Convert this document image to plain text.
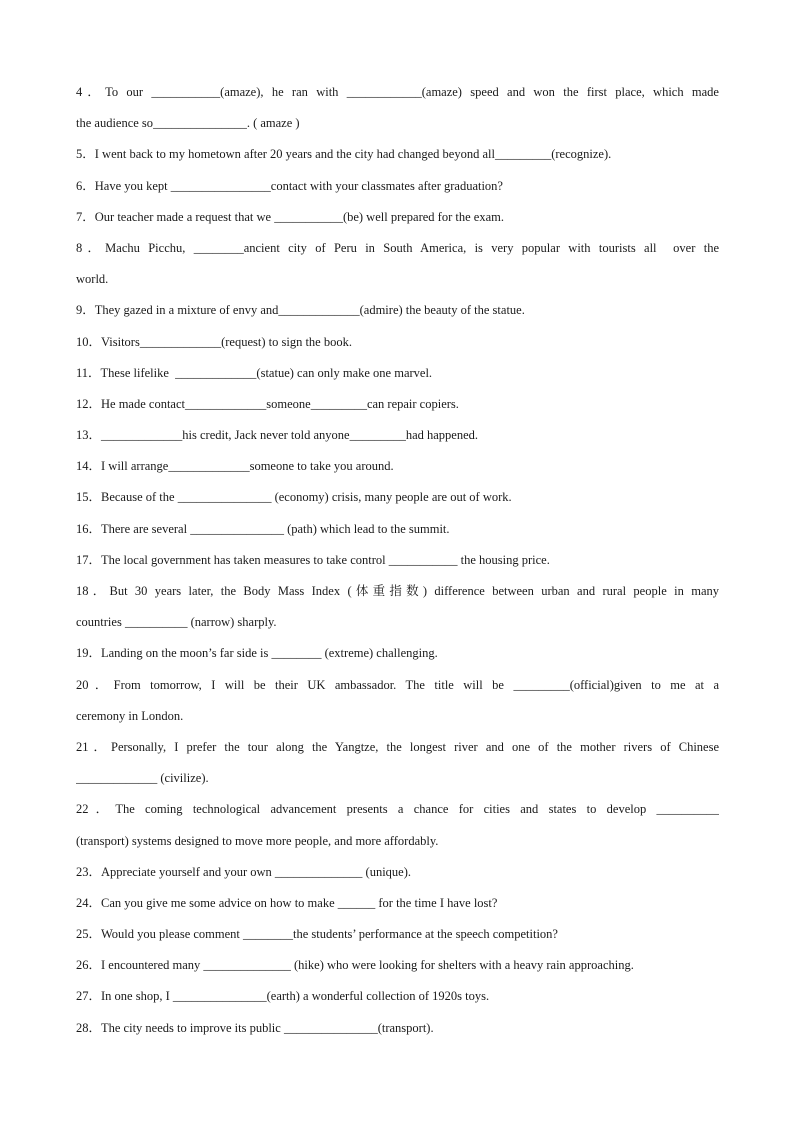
4．To our ___________(amaze), he ran with ____________(amaze) speed and won the first place, which made
the audience so_______________. ( amaze )
5．I went back to my hometown after 20 years and the city had changed beyond all_________(recognize).
6．Have you kept ________________contact with your classmates after graduation?
7．Our teacher made a request that we ___________(be) well prepared for the exam.
8．Machu Picchu, ________ancient city of Peru in South America, is very popular with tourists all  over the
world.
9．They gazed in a mixture of envy and_____________(admire) the beauty of the statue.
10．Visitors_____________(request) to sign the book.
11．These lifelike  _____________(statue) can only make one marvel.
12．He made contact_____________someone_________can repair copiers.
13．_____________his credit, Jack never told anyone_________had happened.
14．I will arrange_____________someone to take you around.
15．Because of the _______________ (economy) crisis, many people are out of work.
16．There are several _______________ (path) which lead to the summit.
17．The local government has taken measures to take control ___________ the housing price.
18．But 30 years later, the Body Mass Index (体重指数) difference between urban and rural people in many
countries __________ (narrow) sharply.
19．Landing on the moon’s far side is ________ (extreme) challenging.
20．From tomorrow, I will be their UK ambassador. The title will be _________(official)given to me at a
ceremony in London.
21．Personally, I prefer the tour along the Yangtze, the longest river and one of the mother rivers of Chinese
_____________ (civilize).
22．The coming technological advancement presents a chance for cities and states to develop __________
(transport) systems designed to move more people, and more affordably.
23．Appreciate yourself and your own ______________ (unique).
24．Can you give me some advice on how to make ______ for the time I have lost?
25．Would you please comment ________the students’ performance at the speech competition?
26．I encountered many ______________ (hike) who were looking for shelters with a heavy rain approaching.
27．In one shop, I _______________(earth) a wonderful collection of 1920s toys.
28．The city needs to improve its public _______________(transport).
